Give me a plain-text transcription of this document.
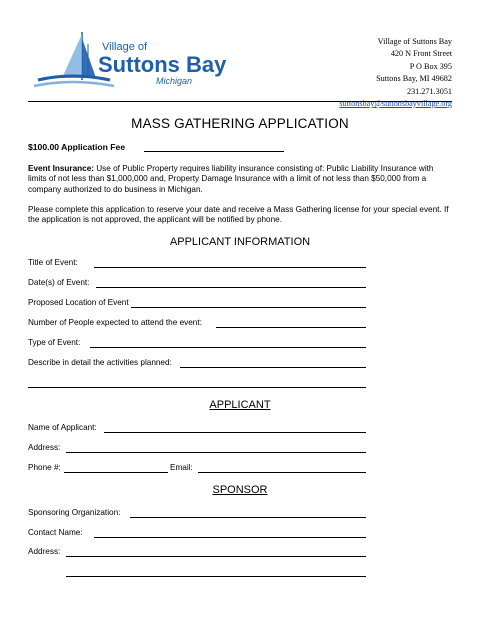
Village of
Suttons Bay
Michigan
Village of Suttons Bay
420 N Front Street
P O Box 395
Suttons Bay, MI 49682
231.271.3051
suttonsbay@suttonsbayvillage.org
MASS GATHERING APPLICATION
$100.00 Application Fee
Event Insurance: Use of Public Property requires liability insurance consisting of: Public Liability Insurance with limits of not less than $1,000,000 and, Property Damage Insurance with a limit of not less than $50,000 from a company authorized to do business in Michigan.
Please complete this application to reserve your date and receive a Mass Gathering license for your special event. If the application is not approved, the applicant will be notified by phone.
APPLICANT INFORMATION
Title of Event:
Date(s) of Event:
Proposed Location of Event
Number of People expected to attend the event:
Type of Event:
Describe in detail the activities planned:
APPLICANT
Name of Applicant:
Address:
Phone #:	Email:
SPONSOR
Sponsoring Organization:
Contact Name:
Address:
